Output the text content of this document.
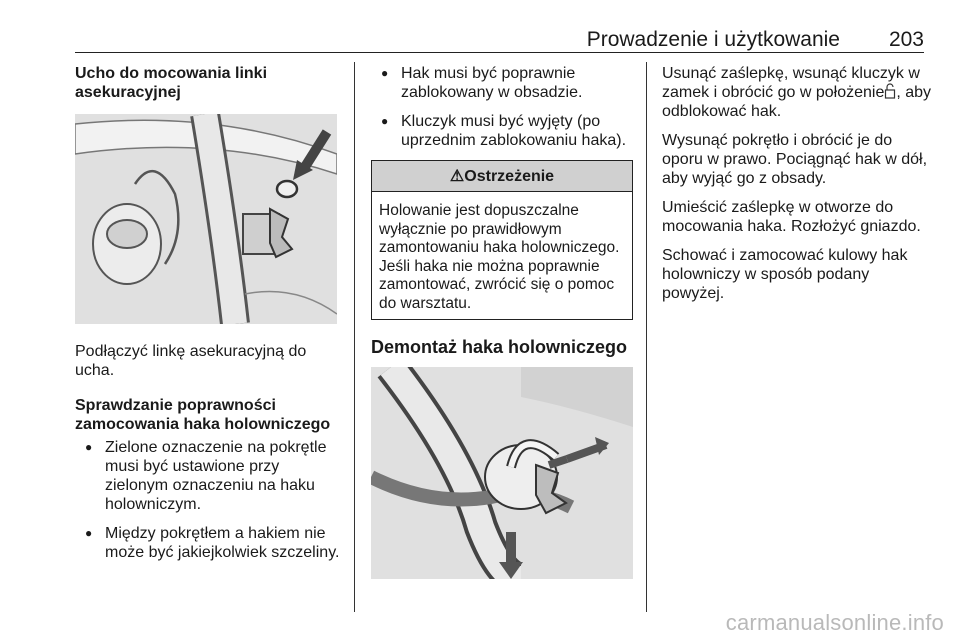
Prowadzenie i użytkowanie 203

Ucho do mocowania linki asekuracyjnej

Podłączyć linkę asekuracyjną do ucha.

Sprawdzanie poprawności zamocowania haka holowniczego

● Zielone oznaczenie na pokrętle musi być ustawione przy zielonym oznaczeniu na haku holowniczym.
● Między pokrętłem a hakiem nie może być jakiejkolwiek szczeliny.
● Hak musi być poprawnie zablokowany w obsadzie.
● Kluczyk musi być wyjęty (po uprzednim zablokowaniu haka).
⚠Ostrzeżenie
Holowanie jest dopuszczalne wyłącznie po prawidłowym zamontowaniu haka holowniczego. Jeśli haka nie można poprawnie zamontować, zwrócić się o pomoc do warsztatu.
Demontaż haka holowniczego

Usunąć zaślepkę, wsunąć kluczyk w zamek i obrócić go w położenie , aby odblokować hak.

Wysunąć pokrętło i obrócić je do oporu w prawo. Pociągnąć hak w dół, aby wyjąć go z obsady.

Umieścić zaślepkę w otworze do mocowania haka. Rozłożyć gniazdo.

Schować i zamocować kulowy hak holowniczy w sposób podany powyżej.

carmanualsonline.info
